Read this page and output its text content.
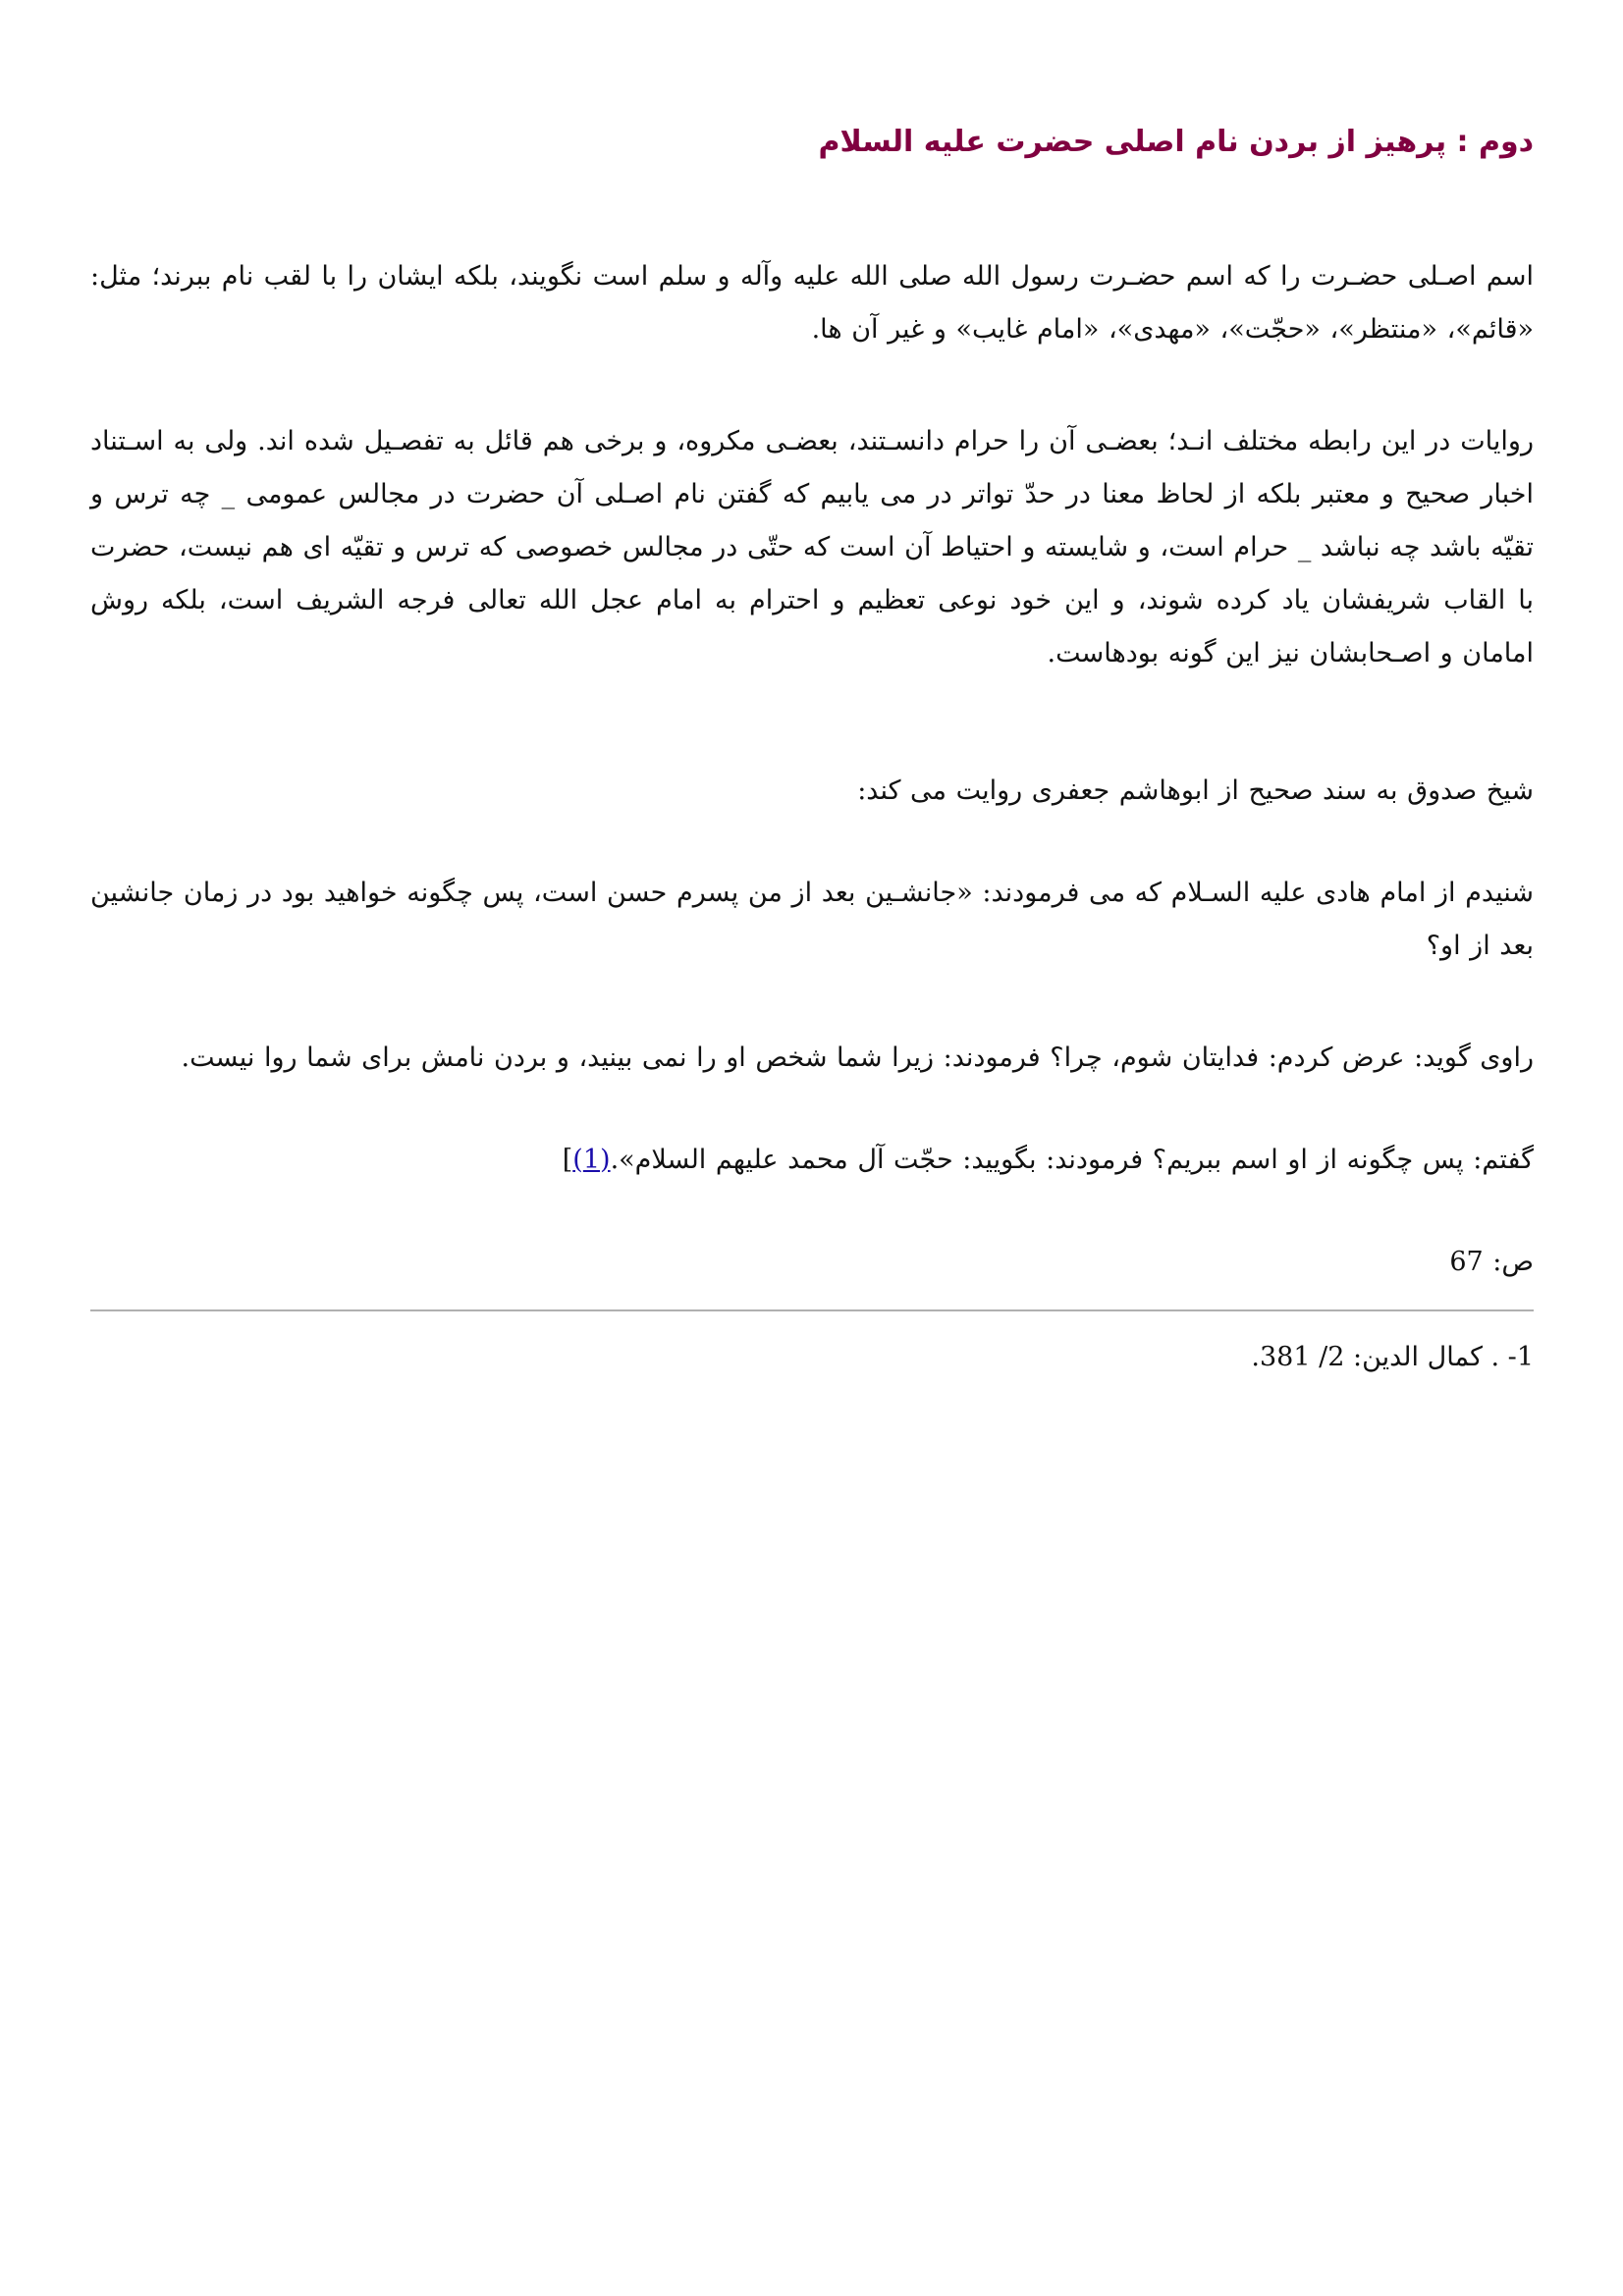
دوم : پرهیز از بردن نام اصلی حضرت علیه السلام

اسم اصـلی حضـرت را که اسم حضـرت رسول الله صلی الله علیه وآله و سلم است نگویند، بلکه ایشان را با لقب نام ببرند؛ مثل: «قائم»، «منتظر»، «حجّت»، «مهدی»، «امام غایب» و غیر آن ها.

روایات در این رابطه مختلف انـد؛ بعضـی آن را حرام دانسـتند، بعضـی مکروه، و برخی هم قائل به تفصـیل شده اند. ولی به اسـتناد اخبار صحیح و معتبر بلکه از لحاظ معنا در حدّ تواتر در می یابیم که گفتن نام اصـلی آن حضرت در مجالس عمومی _ چه ترس و تقیّه باشد چه نباشد _ حرام است، و شایسته و احتیاط آن است که حتّی در مجالس خصوصی که ترس و تقیّه ای هم نیست، حضرت با القاب شریفشان یاد کرده شوند، و این خود نوعی تعظیم و احترام به امام عجل الله تعالی فرجه الشریف است، بلکه روش امامان و اصـحابشان نیز این گونه بودهاست.

شیخ صدوق به سند صحیح از ابوهاشم جعفری روایت می کند:

شنیدم از امام هادی علیه السـلام که می فرمودند: «جانشـین بعد از من پسرم حسن است، پس چگونه خواهید بود در زمان جانشین بعد از او؟

راوی گوید: عرض کردم: فدایتان شوم، چرا؟ فرمودند: زیرا شما شخص او را نمی بینید، و بردن نامش برای شما روا نیست.

گفتم: پس چگونه از او اسم ببریم؟ فرمودند: بگویید: حجّت آل محمد علیهم السلام».(1)]

ص: 67

1- . کمال الدین: 2/ 381.
